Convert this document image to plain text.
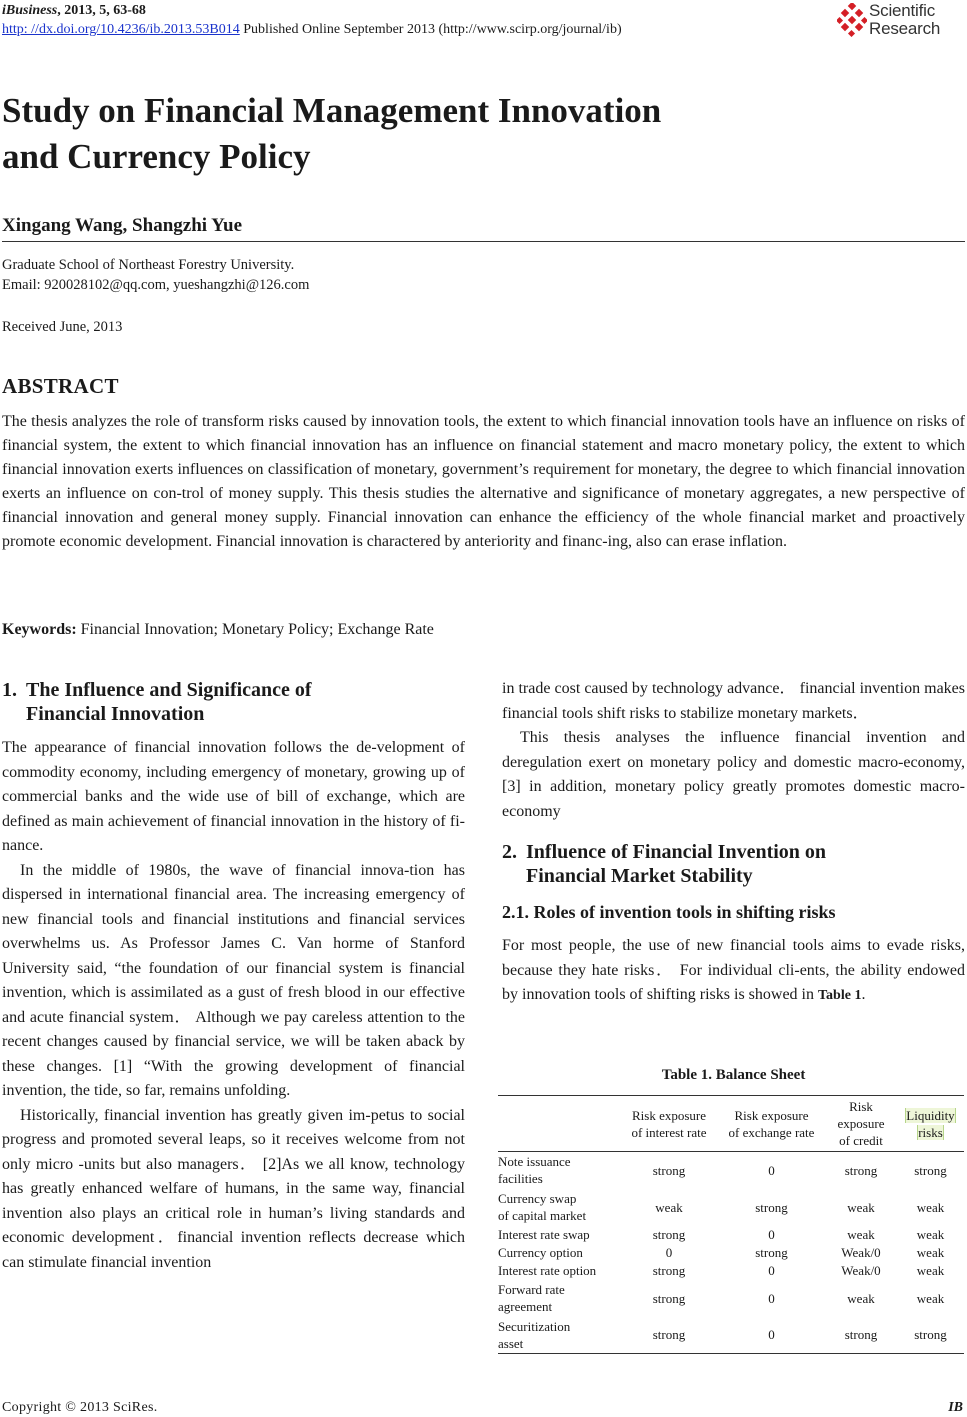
iBusiness, 2013, 5, 63-68
http: //dx.doi.org/10.4236/ib.2013.53B014 Published Online September 2013 (http://www.scirp.org/journal/ib)
Scientific
Research
Study on Financial Management Innovation
and Currency Policy
Xingang Wang, Shangzhi Yue
Graduate School of Northeast Forestry University.
Email: 920028102@qq.com, yueshangzhi@126.com
Received June, 2013
ABSTRACT

The thesis analyzes the role of transform risks caused by innovation tools, the extent to which financial innovation tools have an influence on risks of financial system, the extent to which financial innovation has an influence on financial statement and macro monetary policy, the extent to which financial innovation exerts influences on classification of monetary, government’s requirement for monetary, the degree to which financial innovation exerts an influence on con-trol of money supply. This thesis studies the alternative and significance of monetary aggregates, a new perspective of financial innovation and general money supply. Financial innovation can enhance the efficiency of the whole financial market and proactively promote economic development. Financial innovation is charactered by anteriority and financ-ing, also can erase inflation.

Keywords: Financial Innovation; Monetary Policy; Exchange Rate
1. The Influence and Significance of
Financial Innovation

The appearance of financial innovation follows the de-velopment of commodity economy, including emergency of monetary, growing up of commercial banks and the wide use of bill of exchange, which are defined as main achievement of financial innovation in the history of fi-nance.

In the middle of 1980s, the wave of financial innova-tion has dispersed in international financial area. The increasing emergency of new financial tools and financial institutions and financial services overwhelms us. As Professor James C. Van horme of Stanford University said, “the foundation of our financial system is financial invention, which is assimilated as a gust of fresh blood in our effective and acute financial system． Although we pay careless attention to the recent changes caused by financial service, we will be taken aback by these changes. [1] “With the growing development of financial invention, the tide, so far, remains unfolding.

Historically, financial invention has greatly given im-petus to social progress and promoted several leaps, so it receives welcome from not only micro -units but also managers． [2]As we all know, technology has greatly enhanced welfare of humans, in the same way, financial invention also plays an critical role in human’s living standards and economic development．financial invention reflects decrease which can stimulate financial invention

in trade cost caused by technology advance． financial invention makes financial tools shift risks to stabilize monetary markets．

This thesis analyses the influence financial invention and deregulation exert on monetary policy and domestic macro-economy, [3] in addition, monetary policy greatly promotes domestic macro-economy

2. Influence of Financial Invention on
Financial Market Stability
2.1. Roles of invention tools in shifting risks

For most people, the use of new financial tools aims to evade risks, because they hate risks． For individual cli-ents, the ability endowed by innovation tools of shifting risks is showed in Table 1.

Table 1. Balance Sheet
	Risk exposure
of interest rate	Risk exposure
of exchange rate	Risk
exposure
of credit	Liquidity
risks
Note issuance
facilities	strong	0	strong	strong
Currency swap
of capital market	weak	strong	weak	weak
Interest rate swap	strong	0	weak	weak
Currency option	0	strong	Weak/0	weak
Interest rate option	strong	0	Weak/0	weak
Forward rate
agreement	strong	0	weak	weak
Securitization
asset	strong	0	strong	strong
Copyright © 2013 SciRes.	IB
